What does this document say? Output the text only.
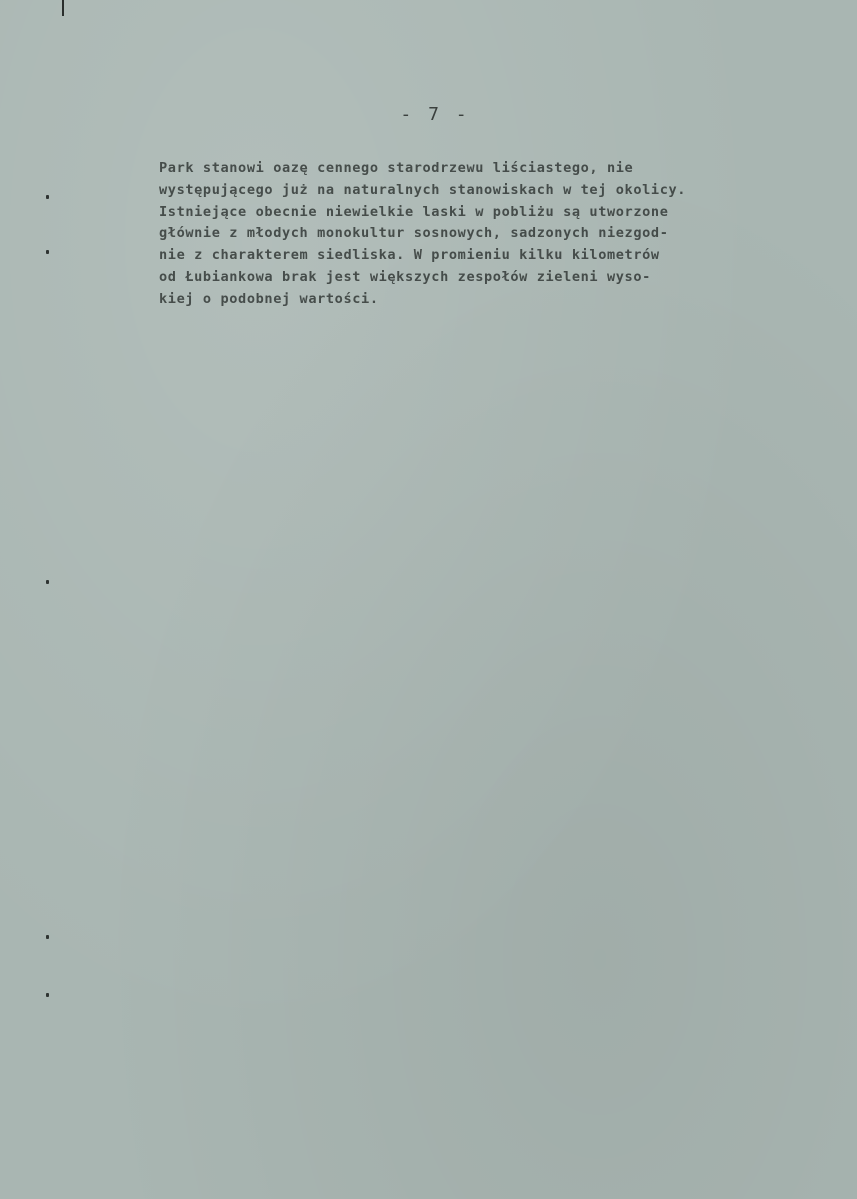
- 7 -
Park stanowi oazę cennego starodrzewu liściastego, nie
występującego już na naturalnych stanowiskach w tej okolicy.
Istniejące obecnie niewielkie laski w pobliżu są utworzone
głównie z młodych monokultur sosnowych, sadzonych niezgod-
nie z charakterem siedliska. W promieniu kilku kilometrów
od Łubiankowa brak jest większych zespołów zieleni wyso-
kiej o podobnej wartości.
